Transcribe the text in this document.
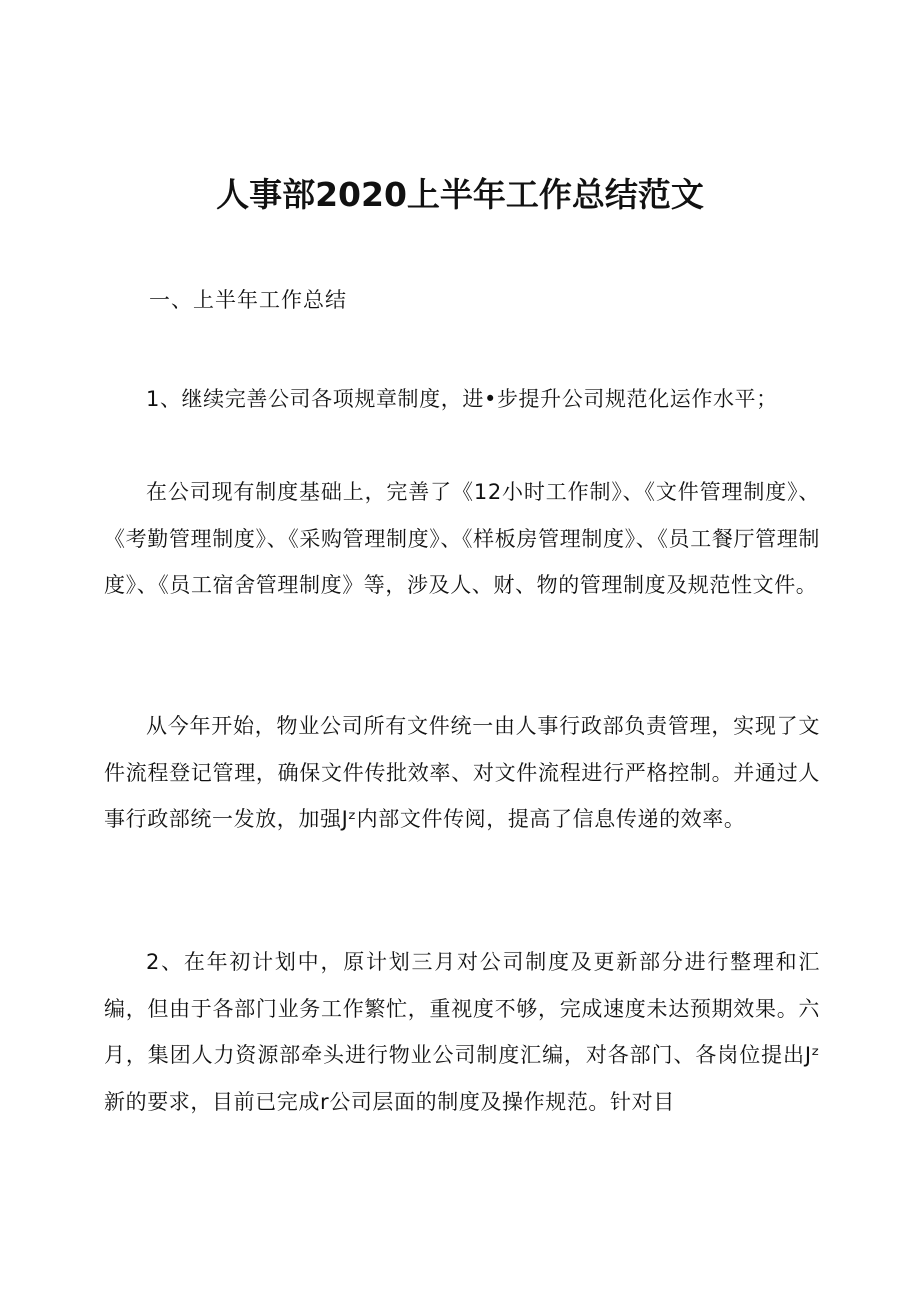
人事部2020上半年工作总结范文

一、上半年工作总结

1、继续完善公司各项规章制度，进•步提升公司规范化运作水平；

在公司现有制度基础上，完善了《12小时工作制》、《文件管理制度》、《考勤管理制度》、《采购管理制度》、《样板房管理制度》、《员工餐厅管理制度》、《员工宿舍管理制度》等，涉及人、财、物的管理制度及规范性文件。

从今年开始，物业公司所有文件统一由人事行政部负责管理，实现了文件流程登记管理，确保文件传批效率、对文件流程进行严格控制。并通过人事行政部统一发放，加强Jᶻ内部文件传阅，提高了信息传递的效率。

2、在年初计划中，原计划三月对公司制度及更新部分进行整理和汇编，但由于各部门业务工作繁忙，重视度不够，完成速度未达预期效果。六月，集团人力资源部牵头进行物业公司制度汇编，对各部门、各岗位提出Jᶻ新的要求，目前已完成r公司层面的制度及操作规范。针对目
